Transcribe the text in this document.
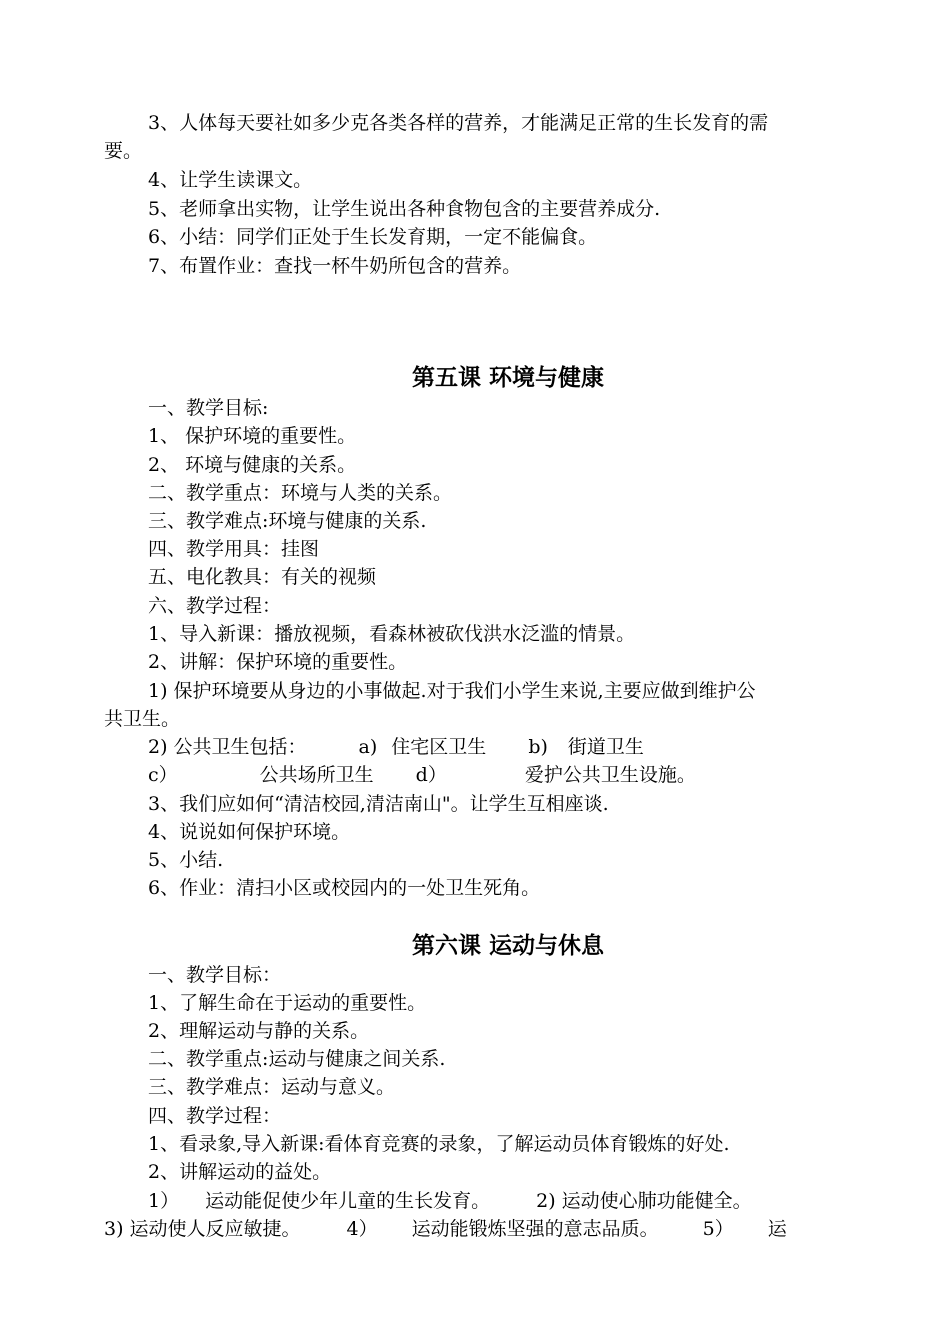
3、人体每天要社如多少克各类各样的营养，才能满足正常的生长发育的需
要。
4、让学生读课文。
5、老师拿出实物，让学生说出各种食物包含的主要营养成分.
6、小结：同学们正处于生长发育期，一定不能偏食。
7、布置作业：查找一杯牛奶所包含的营养。
第五课 环境与健康
一、教学目标:
1、 保护环境的重要性。
2、 环境与健康的关系。
二、教学重点：环境与人类的关系。
三、教学难点:环境与健康的关系.
四、教学用具：挂图
五、电化教具：有关的视频
六、教学过程：
1、导入新课：播放视频，看森林被砍伐洪水泛滥的情景。
2、讲解：保护环境的重要性。
1) 保护环境要从身边的小事做起.对于我们小学生来说,主要应做到维护公
共卫生。
2) 公共卫生包括：	a) 住宅区卫生 b) 街道卫生
c）	公共场所卫生 d）	爱护公共卫生设施。
3、我们应如何“清洁校园,清洁南山"。让学生互相座谈.
4、说说如何保护环境。
5、小结.
6、作业：清扫小区或校园内的一处卫生死角。
第六课 运动与休息
一、教学目标：
1、了解生命在于运动的重要性。
2、理解运动与静的关系。
二、教学重点:运动与健康之间关系.
三、教学难点：运动与意义。
四、教学过程：
1、看录象,导入新课:看体育竞赛的录象，了解运动员体育锻炼的好处.
2、讲解运动的益处。
1） 运动能促使少年儿童的生长发育。 2) 运动使心肺功能健全。
3) 运动使人反应敏捷。 4） 运动能锻炼坚强的意志品质。 5） 运
